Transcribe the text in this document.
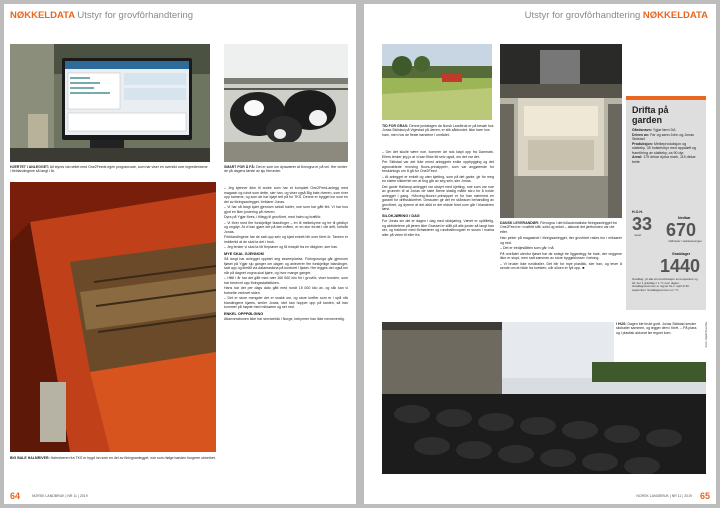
NØKKELDATA Utstyr for grovfôrhandtering
HJERTET I ANLEGGET: Alt styres via nettet med One2Feeds egen programvare, som har viser en oversikt over ingrediensene i fôrblandingene så langt i år.
SMART FOR Å FÅ: Det er som om dyraværer at fôrvogna er på vei. Her venter de på dagens første av sju fôrrunder.
BIG BALE HALMRIVER: Halmriveren fra TKS er bygd inn som en del av fôringsanlegget, noe som rfølge banden fungerer utmerket.

– Jeg kjenner ikke til andre som har et komplett One2Feed-anlegg med magasin og robot som dette, sier han, og viser også Big bale-riveren, som river opp balnene, og som de har kjøpt tett på for TKS. Denne er bygget inn som en del av fôringsanlegget, forklarer Jonas.

– Vi har så langt kjørt gjennom sekstl baller, noe som har gått fint. Vi har hus gjort en liten justering på riveren.

Dyra på Ygjar fôres, i tillegg til grovfôret, med halm og kraftfôr.

– Vi fôrer med fire forskjellige blandinger – én til melkekyrne og tre til geldkyr og ungdyr. At vi kan gjøre det på den måten, er en stor fordel i vår drift, fortsiår Jonas.

Fôrblandingene har de satt opp selv og kjørt enkelt blir over fôret ör. Tanken er imidlertid at de skal ta det i bruk.

– Jeg tenker vi skal ta litt fôrprøver og få innspill fra en rådgiver, sier han.

MYE SKAL GJENNOM

Så langt har anlegget oppført seg eksemplarisk. Fôringsrunga går gjennom fjøset på Ygjar sju ganger om dagen og anleverer fire forskjellige blandinger, satt opp og tilmålt via datamaskina på kontoret i fjøset. Her legges det også inn når på dagnet vogna skal kjøre, og hvor mange ganger.

– Hittil i år har det gått med nær 160 000 kilo fôr i grovfôr, viser bonden, som har benevnt opp fôringsstatistikken.

Hans har det per dags dato gått med rundt 15 000 kilo av, og slik kan vi fortsette vedovet siden.

– Det er store mengder det er snakk om, og store krefter som er i spill når blandingene kjøres, smiler Jonas, idet han hopper opp på kanten, så han kommer på høyde med miksøren og ser ned.

ENKEL OPPFØLGING

Atlanverabonen ikke har servicefolk i Norge, bekymrer han ikke nevneverdig.

64	NORSK LANDBRUK | NR 11 | 2019
Utstyr for grovfôrhandtering NØKKELDATA
TID FOR GRAS: Denne jurdalagen da Norsk Landbruk er på besøk hos Jonas Skilstad på Vigestad på Jæren, er slik såkkordet, ikke bare hos ham, men hos de fleste bøndene i området.
DANSK LEVERANDØR: Fôrvogna i det fullautomatiske fôringsanlegget fra One2Feed er i rustfritt stål, solid og enkel – akkurat det jærbonden var ute etter.
Drifta på garden
Gårdsnavn: Ygjar farm DA
Drives av: Far og sønn John og Jonas Skilstad
Produksjon: Melkeproduksjon og slakteky. 35 holsteinkyr med appaløft og framfôring av slakteky, ca 90 dyr.
Areal: 175 dekar dyrka mark, 115 dekar beite
H.O.H.
33
meter
Nedbør
670
millimeter i vekstsesongen
Graddager
1440
Graddag: ytt alle ein kombinasjon av temperatur og tid, der 1 graddag = 1 °C over dagen. Graddagssummen er regnet fra 1. april til 30. september. Graddagsummen er i °C.

– Om det skulle være noe, kommer de nok klapt opp fra Danmark. Ellers tenker jeg jo at vi kan fikse litt selv også, om det var det.

Per Skilstad var det ikke minst anleggets enkle oppbygging og det agronaktede «moving floors-prinsippet», som var avgjørende for beslutnings om å gå for One2Feed.

– At anlegget er enkelt og uten kjetting, som på det ganle, gir for meg en større sikkerhet om at ting går av seg selv, sier Jonas.

Det ganle Hallarup-anlegget var utstyrt med kjetting, noe som var noe av grunnen til at Jonas de siste årene stadig måtte skru for å holde anlegget i gang. «Moving-floors»-prinsippet er for han nærmest en garanti for driftssikkerhet. Dessuten gir det en skånsom behandling av grovfôret, og dyrene af det altid er det eldste fôret som går i blanderen først.

SILOKJØRING I DAG

For Jonas sin del er dagen i dag med silokjøring. Været er upålitelig, og aktivitetene på jæren ikke Grasset er slått på alle jorder så langt han ser, og traktorer med fôrhøsterer og rundballevogner er susen i marka aller på veien til eller fra.

Han peker på magasinet i fôringsanlegget, der grovfôret rakes inn i miksører og ned.

– Det er tredjeslåtten som går i nå.

På området utenfor fjøset har de anlagt tre ligganlegg for bale, der veggene ikke er stopt, men satt sammen av store byggeklosser i betong.

– Vi bruker ikke rundballer. Det blir for mye plastikk, sier han, og tever å sende om at blide fra kvelden, når siloen er fylt opp. ■

I HUS: Dagen ble brukt godt. Jonas Skilstad sender siloballer sammen, og legger dem i fôret. – På plass og i plastisk akkurat før regnet kom.	Foto: Kjetil Kvarme
NORSK LANDBRUK | NR 11 | 2019 65
